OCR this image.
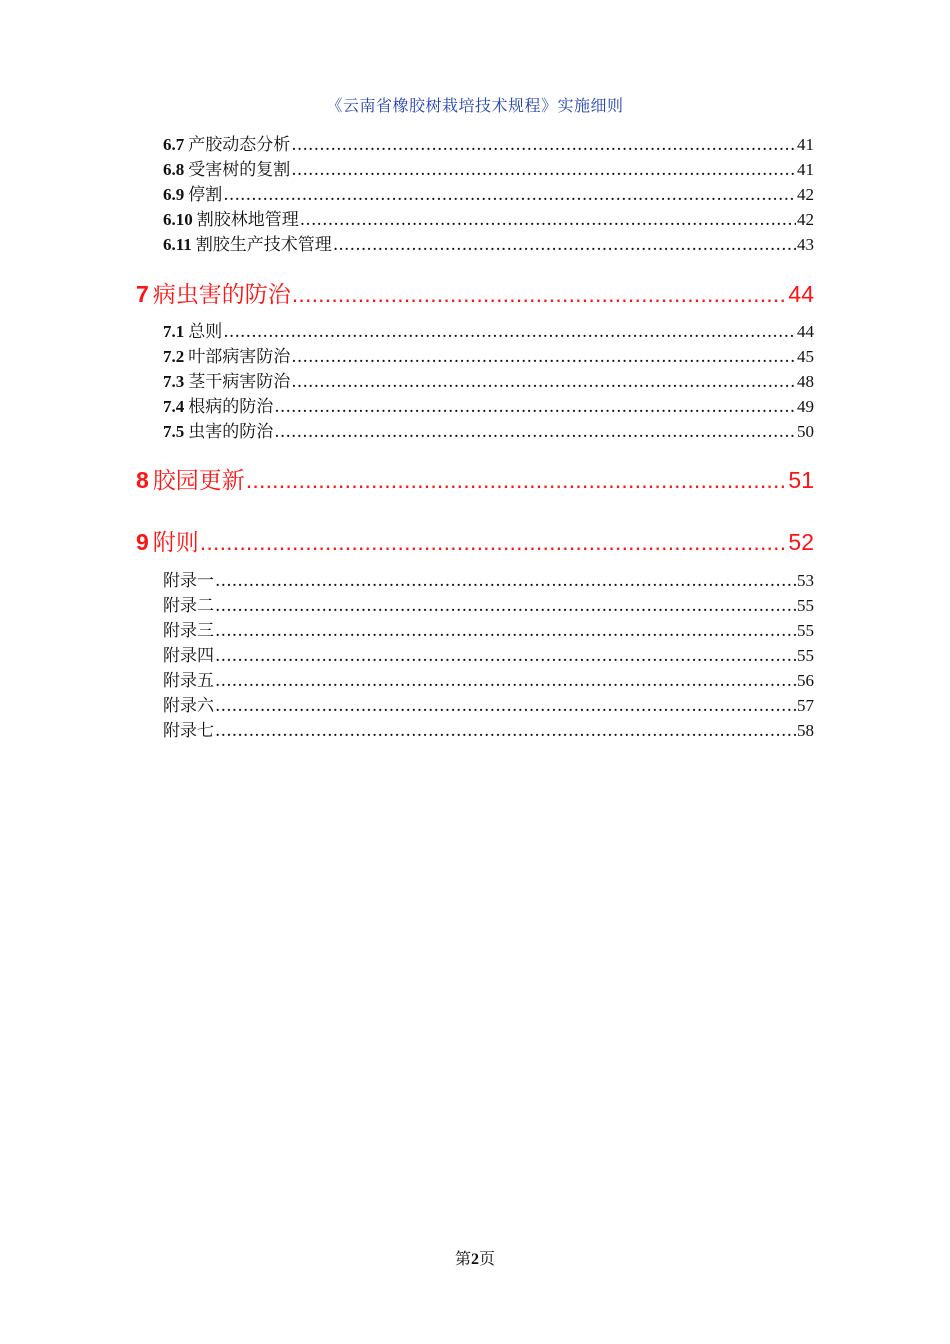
《云南省橡胶树栽培技术规程》实施细则
6.7 产胶动态分析 .....	41
6.8 受害树的复割 .....	41
6.9 停割 .....	42
6.10 割胶林地管理 .....	42
6.11 割胶生产技术管理 .....	43
7 病虫害的防治 .....	44
7.1 总则 .....	44
7.2 叶部病害防治 .....	45
7.3 茎干病害防治 .....	48
7.4 根病的防治 .....	49
7.5 虫害的防治 .....	50
8 胶园更新 .....	51
9 附则 .....	52
附录一 .....	53
附录二 .....	55
附录三 .....	55
附录四 .....	55
附录五 .....	56
附录六 .....	57
附录七 .....	58
第2页
